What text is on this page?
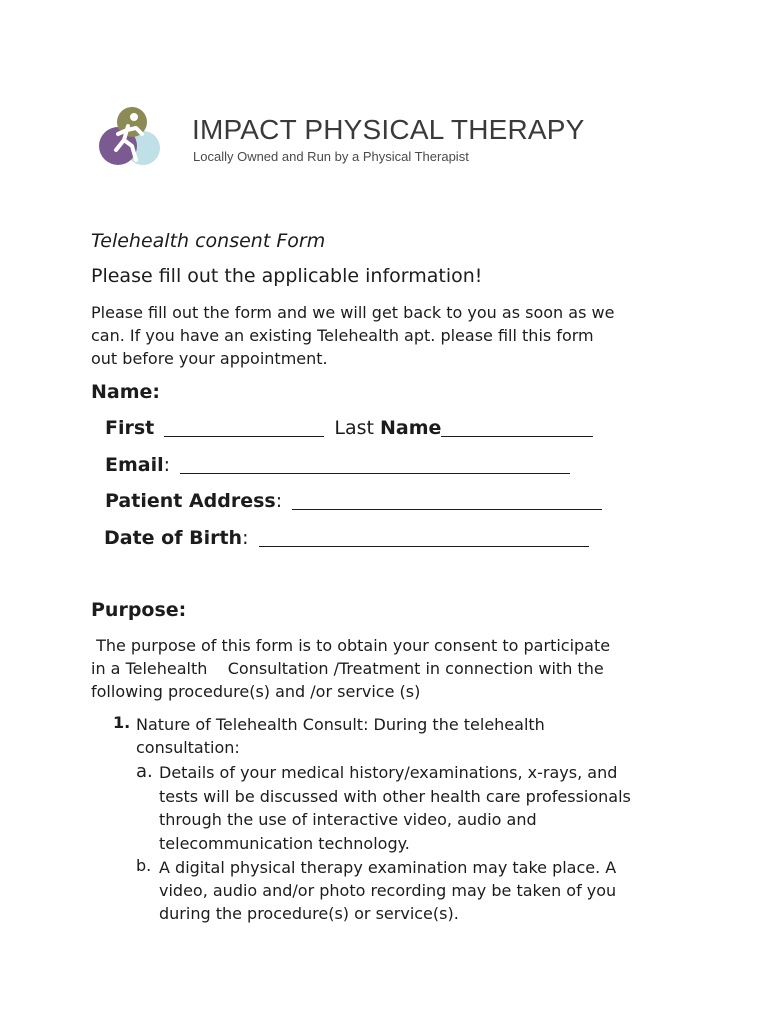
IMPACT PHYSICAL THERAPY
Locally Owned and Run by a Physical Therapist
Telehealth consent Form
Please fill out the applicable information!
Please fill out the form and we will get back to you as soon as we
can. If you have an existing Telehealth apt. please fill this form
out before your appointment.
Name:
First	Last Name
Email:
Patient Address:
Date of Birth:
Purpose:
The purpose of this form is to obtain your consent to participate
in a Telehealth    Consultation /Treatment in connection with the
following procedure(s) and /or service (s)
1. Nature of Telehealth Consult: During the telehealth
consultation:
a. Details of your medical history/examinations, x-rays, and
tests will be discussed with other health care professionals
through the use of interactive video, audio and
telecommunication technology.
b. A digital physical therapy examination may take place. A
video, audio and/or photo recording may be taken of you
during the procedure(s) or service(s).
